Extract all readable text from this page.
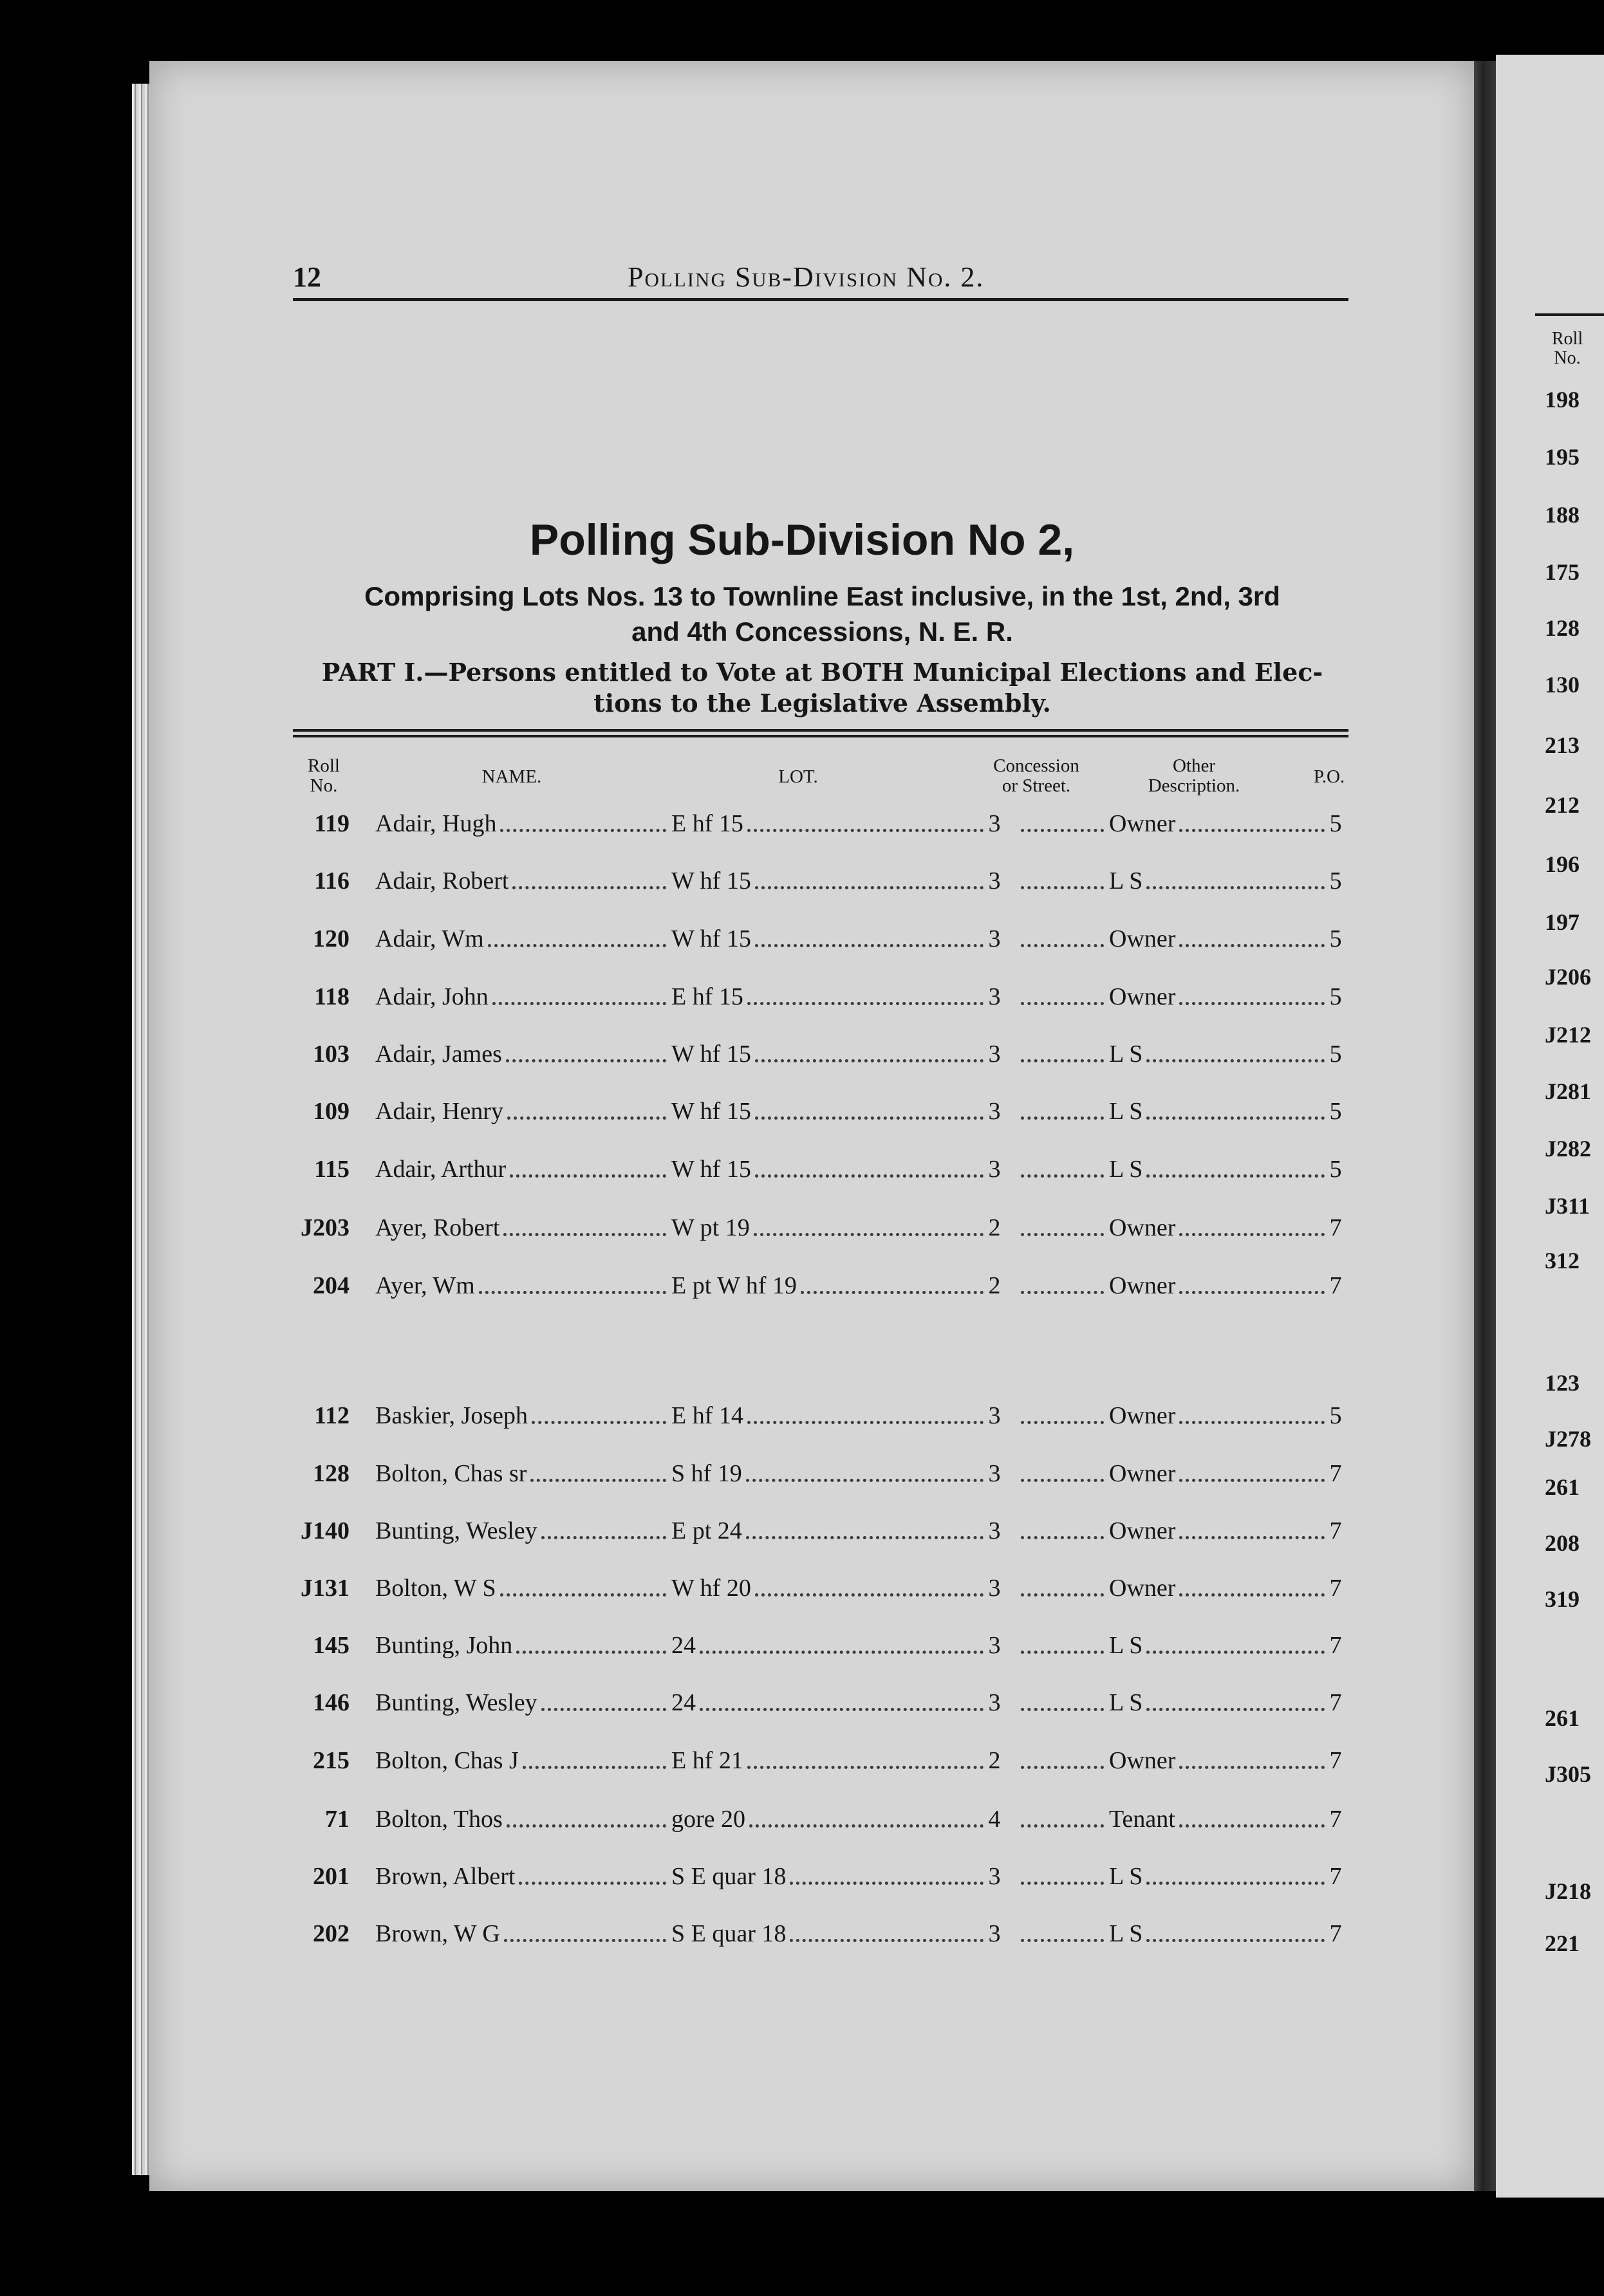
12	Polling Sub-Division No. 2.
Polling Sub-Division No 2,
Comprising Lots Nos. 13 to Townline East inclusive, in the 1st, 2nd, 3rd
and 4th Concessions, N. E. R.
PART I.—Persons entitled to Vote at BOTH Municipal Elections and Elec-
tions to the Legislative Assembly.
Roll
No.	NAME.	LOT.
Concession
or Street.
Other
Description.	P.O.
119 Adair, Hugh	E hf 15	3	Owner	5
116 Adair, Robert	W hf 15	3	L S	5
120 Adair, Wm	W hf 15	3	Owner	5
118 Adair, John	E hf 15	3	Owner	5
103 Adair, James	W hf 15	3	L S	5
109 Adair, Henry	W hf 15	3	L S	5
115 Adair, Arthur	W hf 15	3	L S	5
J203 Ayer, Robert	W pt 19	2	Owner	7
204 Ayer, Wm	E pt W hf 19	2	Owner	7
112 Baskier, Joseph	E hf 14	3	Owner	5
128 Bolton, Chas sr	S hf 19	3	Owner	7
J140 Bunting, Wesley	E pt 24	3	Owner	7
J131 Bolton, W S	W hf 20	3	Owner	7
145 Bunting, John	24	3	L S	7
146 Bunting, Wesley	24	3	L S	7
215 Bolton, Chas J	E hf 21	2	Owner	7
71 Bolton, Thos	gore 20	4	Tenant	7
201 Brown, Albert	S E quar 18	3	L S	7
202 Brown, W G	S E quar 18	3	L S	7
Roll
No.
198
195
188
175
128
130
213
212
196
197
J206
J212
J281
J282
J311
312
123
J278
261
208
319
261
J305
J218
221
